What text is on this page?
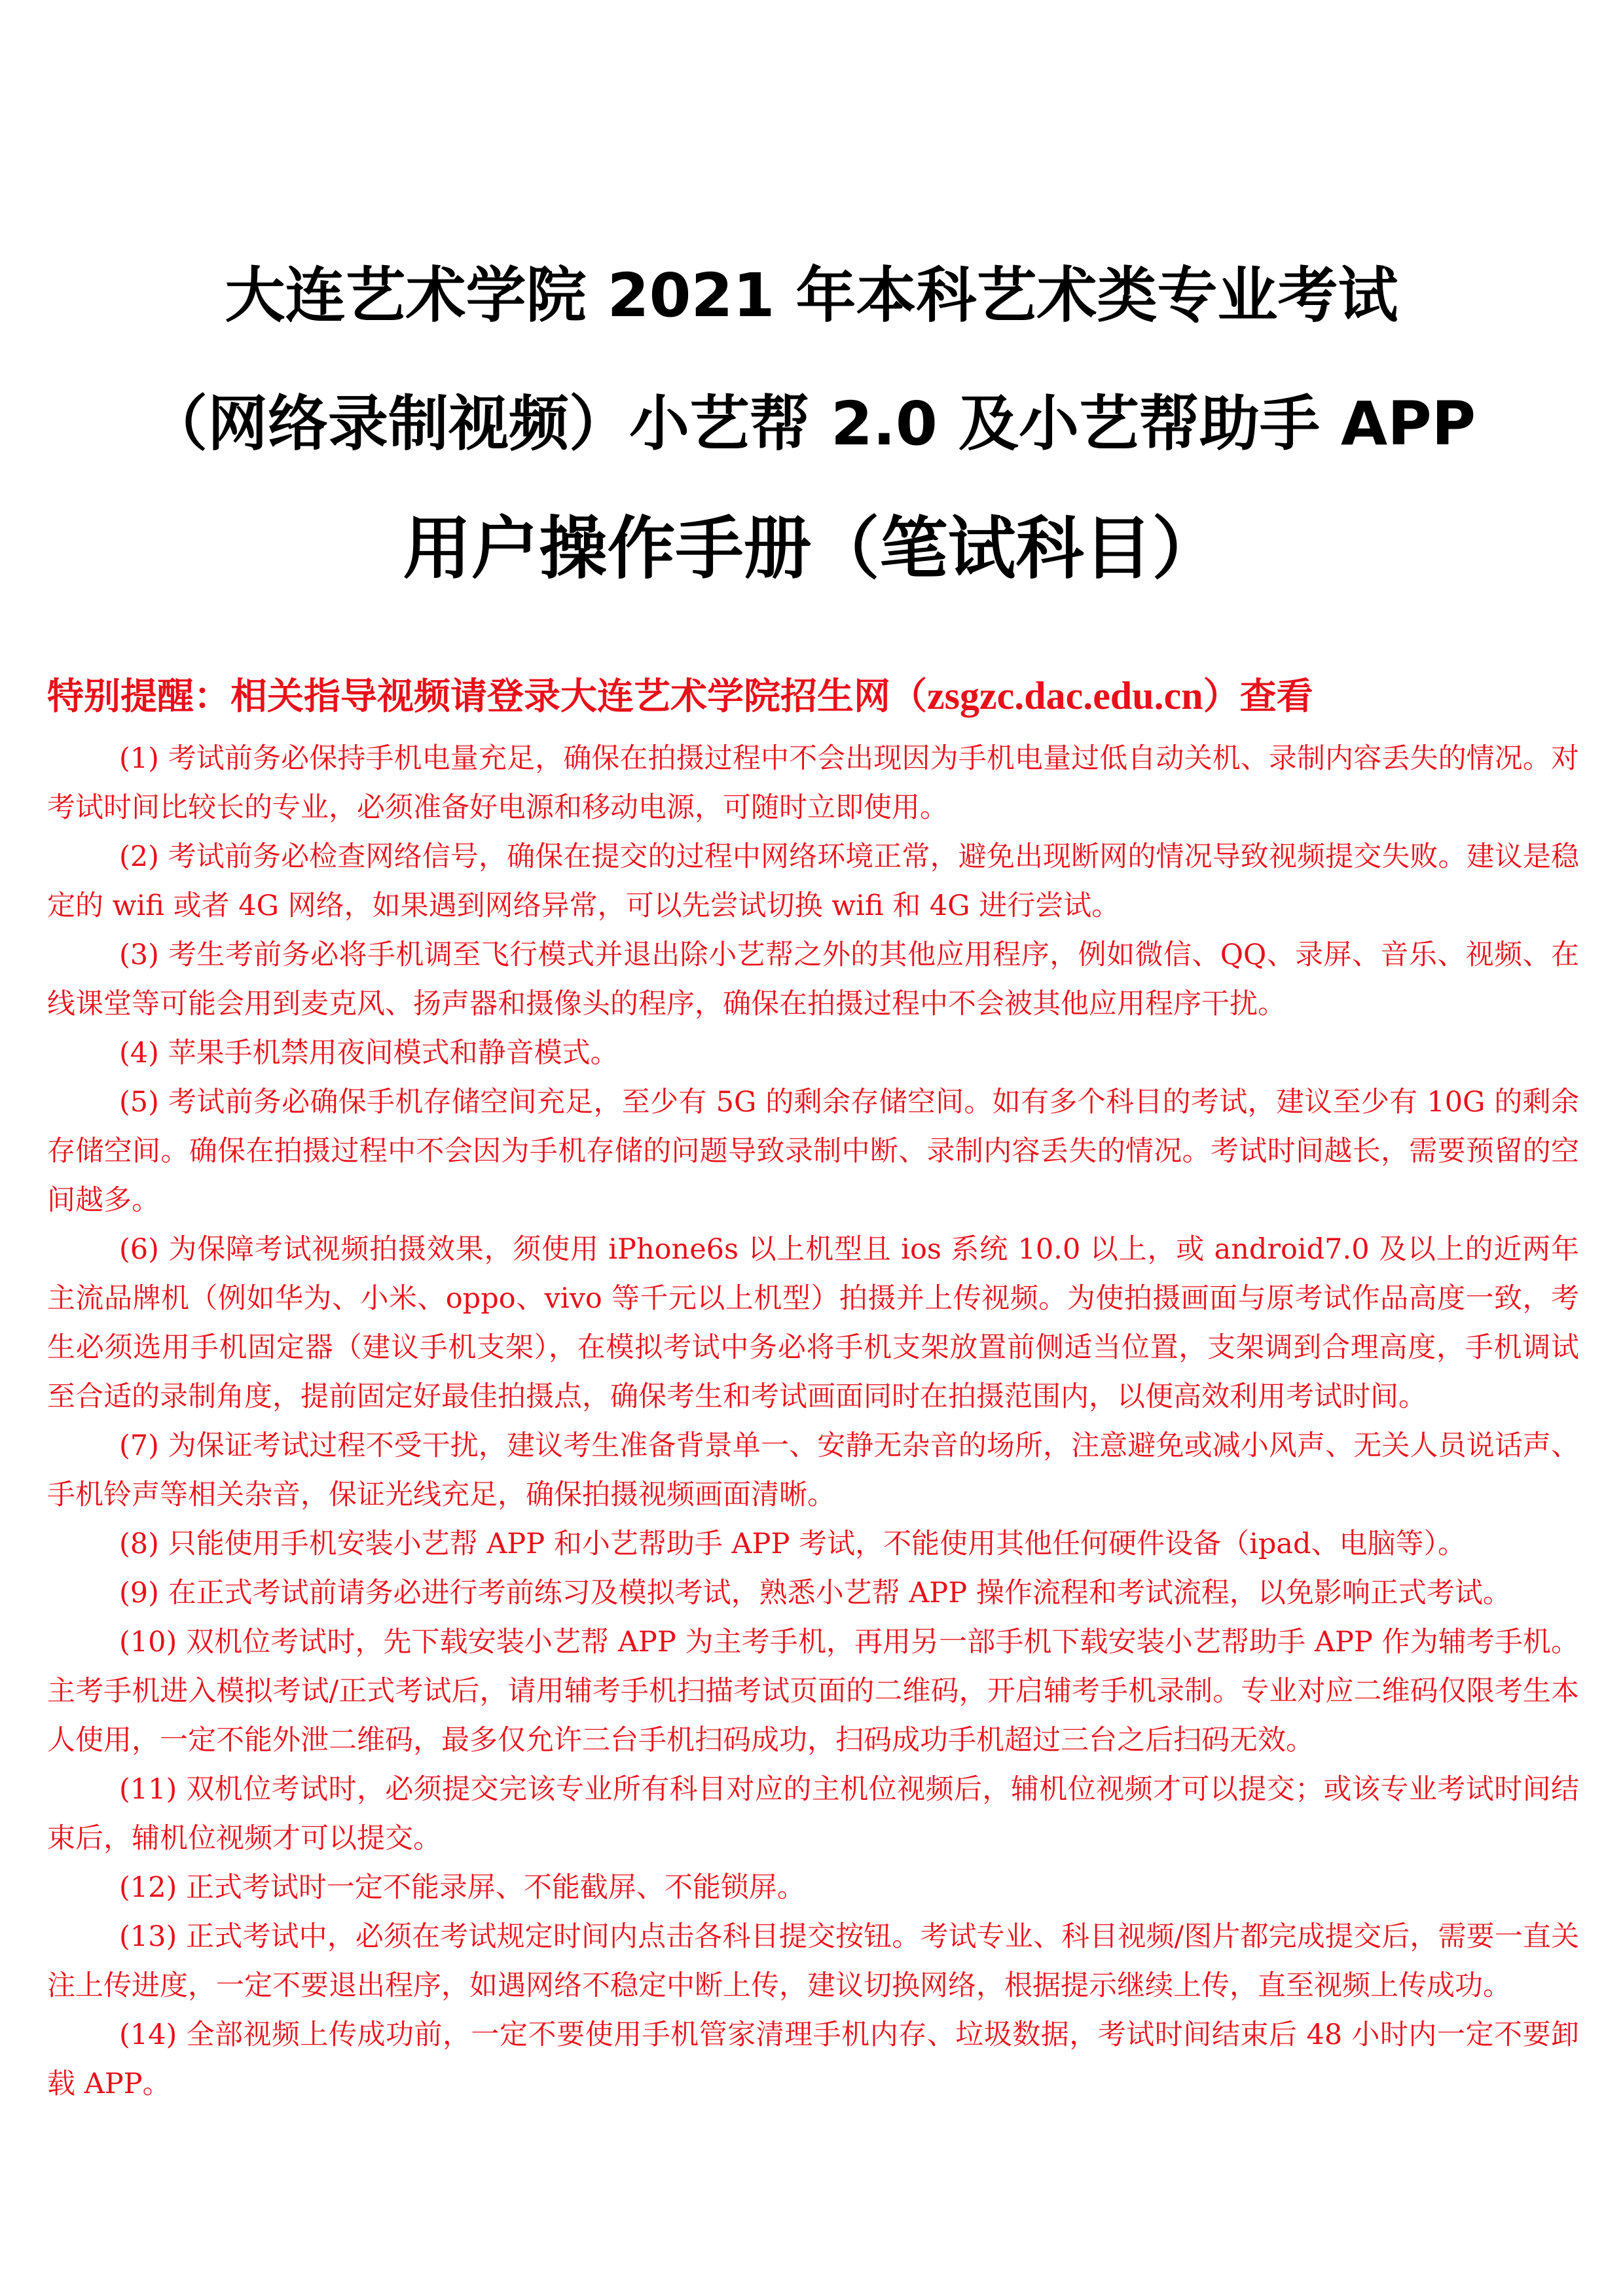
大连艺术学院 2021 年本科艺术类专业考试
（网络录制视频）小艺帮 2.0 及小艺帮助手 APP
用户操作手册（笔试科目）
特别提醒：相关指导视频请登录大连艺术学院招生网（zsgzc.dac.edu.cn）查看

(1) 考试前务必保持手机电量充足，确保在拍摄过程中不会出现因为手机电量过低自动关机、录制内容丢失的情况。对考试时间比较长的专业，必须准备好电源和移动电源，可随时立即使用。

(2) 考试前务必检查网络信号，确保在提交的过程中网络环境正常，避免出现断网的情况导致视频提交失败。建议是稳定的 wifi 或者 4G 网络，如果遇到网络异常，可以先尝试切换 wifi 和 4G 进行尝试。

(3) 考生考前务必将手机调至飞行模式并退出除小艺帮之外的其他应用程序，例如微信、QQ、录屏、音乐、视频、在线课堂等可能会用到麦克风、扬声器和摄像头的程序，确保在拍摄过程中不会被其他应用程序干扰。

(4) 苹果手机禁用夜间模式和静音模式。

(5) 考试前务必确保手机存储空间充足，至少有 5G 的剩余存储空间。如有多个科目的考试，建议至少有 10G 的剩余存储空间。确保在拍摄过程中不会因为手机存储的问题导致录制中断、录制内容丢失的情况。考试时间越长，需要预留的空间越多。

(6) 为保障考试视频拍摄效果，须使用 iPhone6s 以上机型且 ios 系统 10.0 以上，或 android7.0 及以上的近两年主流品牌机（例如华为、小米、oppo、vivo 等千元以上机型）拍摄并上传视频。为使拍摄画面与原考试作品高度一致，考生必须选用手机固定器（建议手机支架），在模拟考试中务必将手机支架放置前侧适当位置，支架调到合理高度，手机调试至合适的录制角度，提前固定好最佳拍摄点，确保考生和考试画面同时在拍摄范围内，以便高效利用考试时间。

(7) 为保证考试过程不受干扰，建议考生准备背景单一、安静无杂音的场所，注意避免或减小风声、无关人员说话声、手机铃声等相关杂音，保证光线充足，确保拍摄视频画面清晰。

(8) 只能使用手机安装小艺帮 APP 和小艺帮助手 APP 考试，不能使用其他任何硬件设备（ipad、电脑等）。

(9) 在正式考试前请务必进行考前练习及模拟考试，熟悉小艺帮 APP 操作流程和考试流程，以免影响正式考试。

(10) 双机位考试时，先下载安装小艺帮 APP 为主考手机，再用另一部手机下载安装小艺帮助手 APP 作为辅考手机。主考手机进入模拟考试/正式考试后，请用辅考手机扫描考试页面的二维码，开启辅考手机录制。专业对应二维码仅限考生本人使用，一定不能外泄二维码，最多仅允许三台手机扫码成功，扫码成功手机超过三台之后扫码无效。

(11) 双机位考试时，必须提交完该专业所有科目对应的主机位视频后，辅机位视频才可以提交；或该专业考试时间结束后，辅机位视频才可以提交。

(12) 正式考试时一定不能录屏、不能截屏、不能锁屏。

(13) 正式考试中，必须在考试规定时间内点击各科目提交按钮。考试专业、科目视频/图片都完成提交后，需要一直关注上传进度，一定不要退出程序，如遇网络不稳定中断上传，建议切换网络，根据提示继续上传，直至视频上传成功。

(14) 全部视频上传成功前，一定不要使用手机管家清理手机内存、垃圾数据，考试时间结束后 48 小时内一定不要卸载 APP。
